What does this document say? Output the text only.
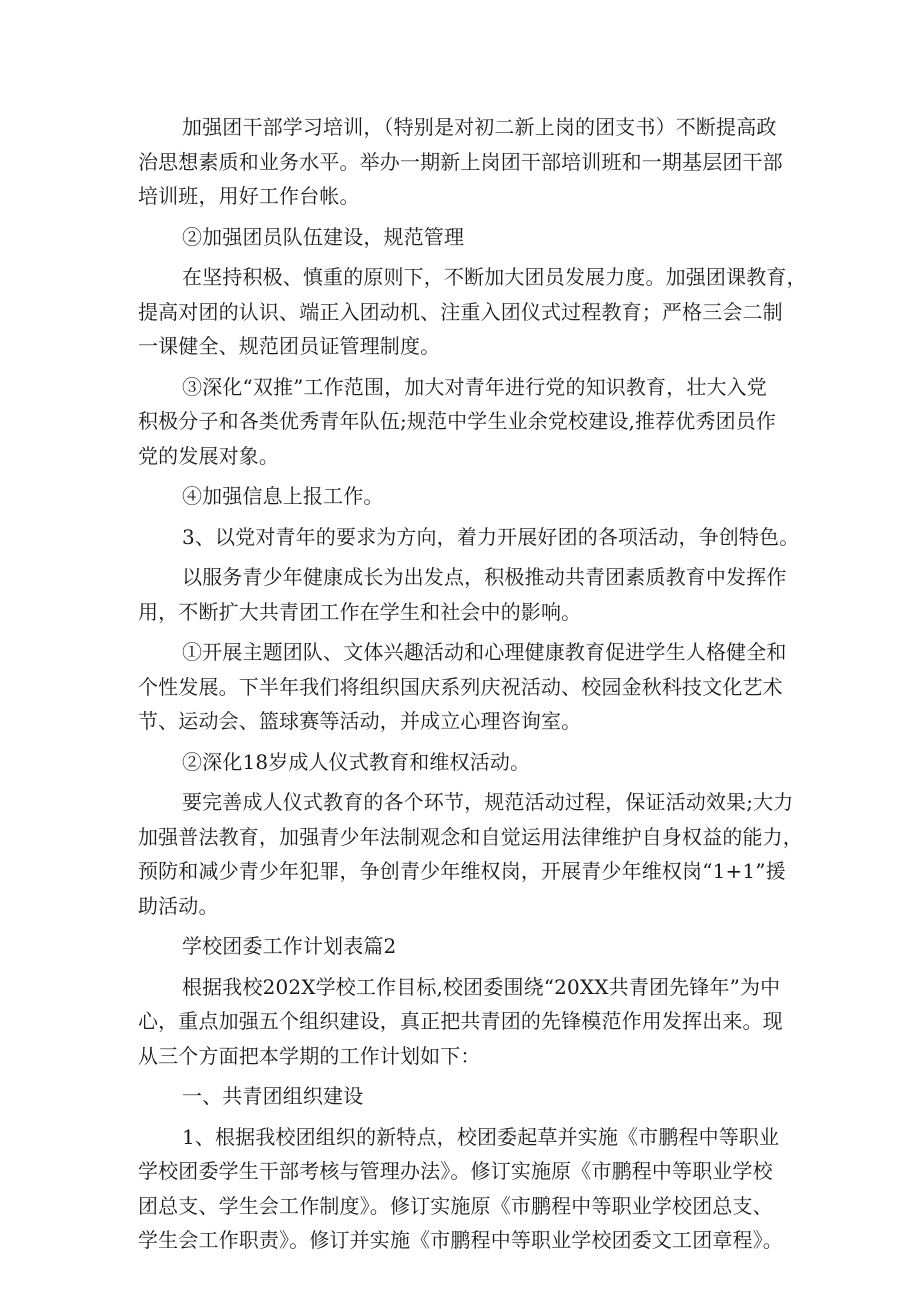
加强团干部学习培训，（特别是对初二新上岗的团支书）不断提高政
治思想素质和业务水平。举办一期新上岗团干部培训班和一期基层团干部
培训班，用好工作台帐。
②加强团员队伍建设，规范管理
在坚持积极、慎重的原则下，不断加大团员发展力度。加强团课教育，
提高对团的认识、端正入团动机、注重入团仪式过程教育；严格三会二制
一课健全、规范团员证管理制度。
③深化“双推”工作范围，加大对青年进行党的知识教育，壮大入党
积极分子和各类优秀青年队伍;规范中学生业余党校建设,推荐优秀团员作
党的发展对象。
④加强信息上报工作。
3、以党对青年的要求为方向，着力开展好团的各项活动，争创特色。
以服务青少年健康成长为出发点，积极推动共青团素质教育中发挥作
用，不断扩大共青团工作在学生和社会中的影响。
①开展主题团队、文体兴趣活动和心理健康教育促进学生人格健全和
个性发展。下半年我们将组织国庆系列庆祝活动、校园金秋科技文化艺术
节、运动会、篮球赛等活动，并成立心理咨询室。
②深化18岁成人仪式教育和维权活动。
要完善成人仪式教育的各个环节，规范活动过程，保证活动效果;大力
加强普法教育，加强青少年法制观念和自觉运用法律维护自身权益的能力，
预防和减少青少年犯罪，争创青少年维权岗，开展青少年维权岗“1+1”援
助活动。
学校团委工作计划表篇2
根据我校202X学校工作目标,校团委围绕“20XX共青团先锋年”为中
心，重点加强五个组织建设，真正把共青团的先锋模范作用发挥出来。现
从三个方面把本学期的工作计划如下：
一、共青团组织建设
1、根据我校团组织的新特点，校团委起草并实施《市鹏程中等职业
学校团委学生干部考核与管理办法》。修订实施原《市鹏程中等职业学校
团总支、学生会工作制度》。修订实施原《市鹏程中等职业学校团总支、
学生会工作职责》。修订并实施《市鹏程中等职业学校团委文工团章程》。
